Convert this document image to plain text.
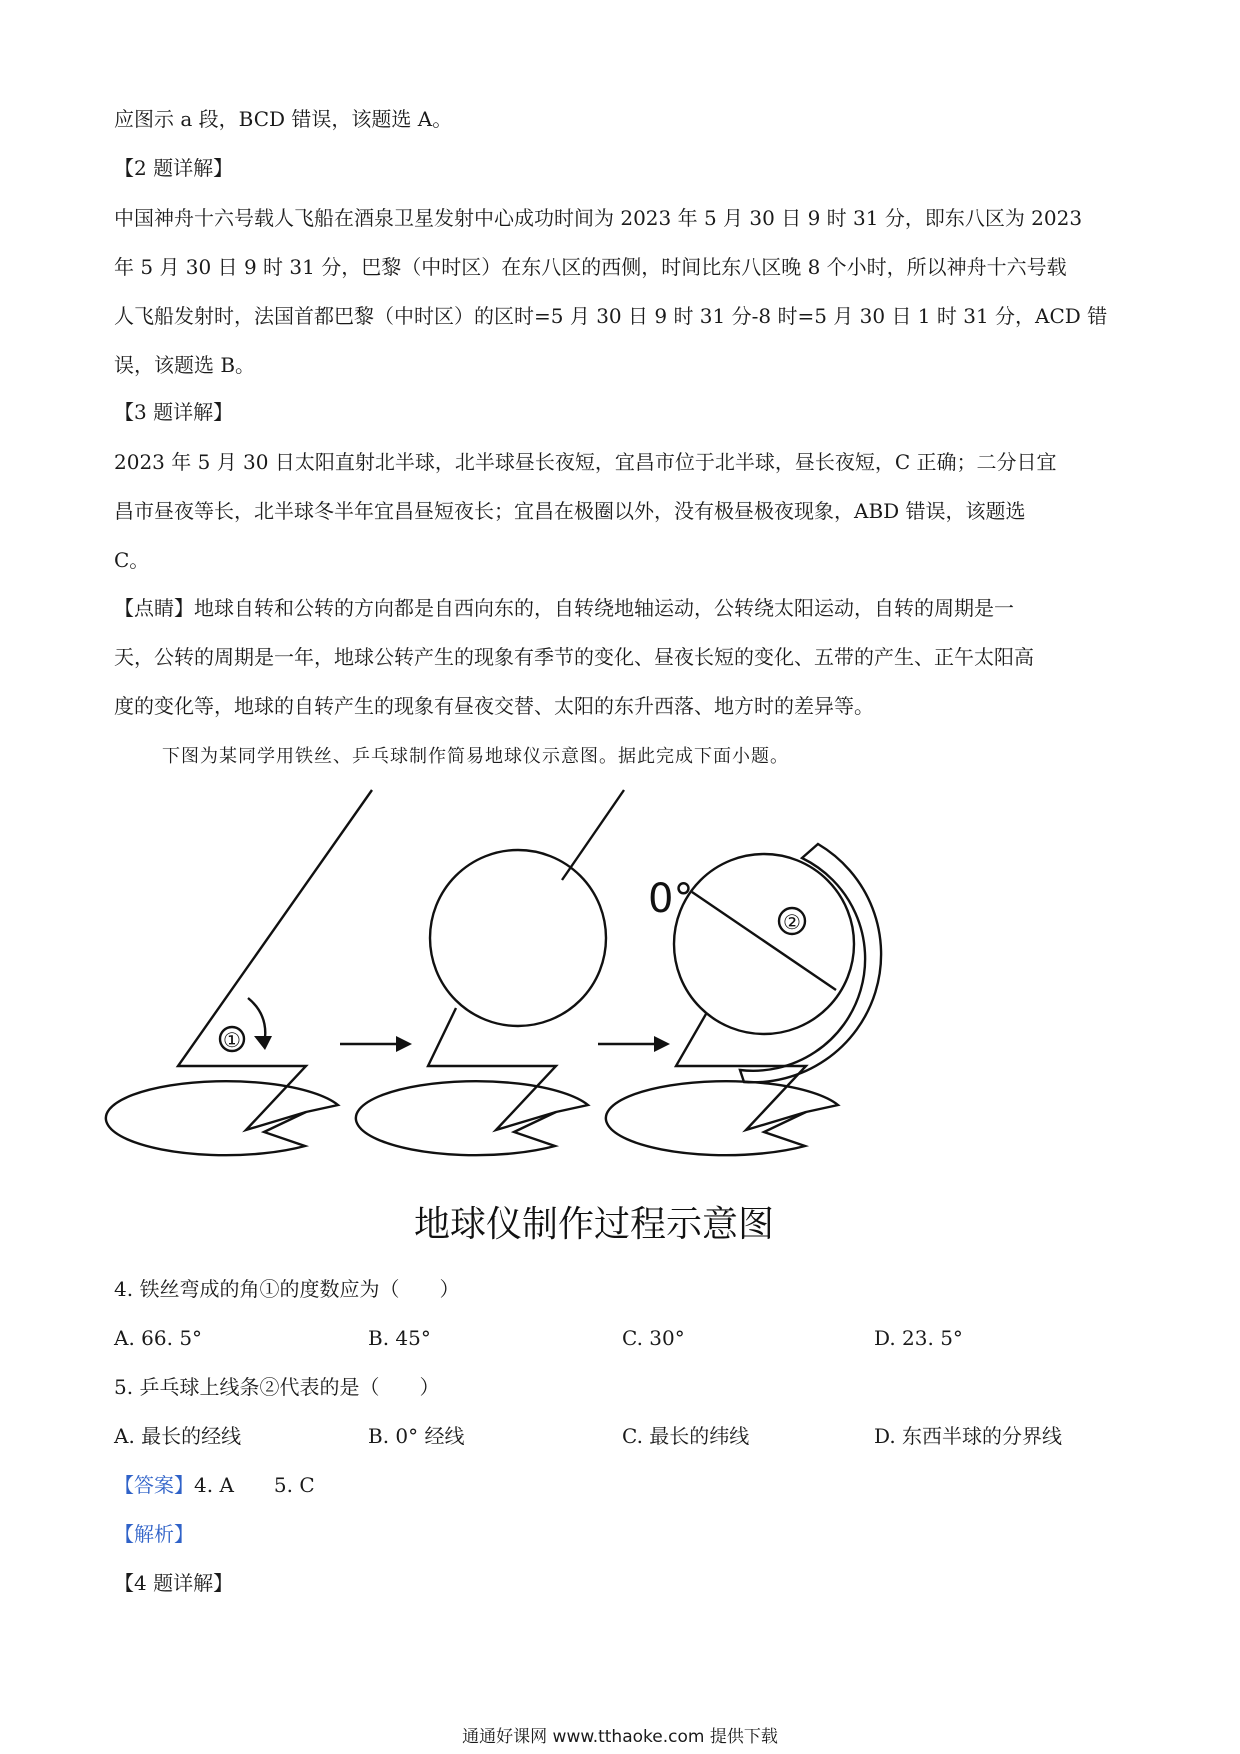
应图示 a 段，BCD 错误，该题选 A。

【2 题详解】

中国神舟十六号载人飞船在酒泉卫星发射中心成功时间为 2023 年 5 月 30 日 9 时 31 分，即东八区为 2023
年 5 月 30 日 9 时 31 分，巴黎（中时区）在东八区的西侧，时间比东八区晚 8 个小时，所以神舟十六号载
人飞船发射时，法国首都巴黎（中时区）的区时=5 月 30 日 9 时 31 分-8 时=5 月 30 日 1 时 31 分，ACD 错
误，该题选 B。

【3 题详解】

2023 年 5 月 30 日太阳直射北半球，北半球昼长夜短，宜昌市位于北半球，昼长夜短，C 正确；二分日宜
昌市昼夜等长，北半球冬半年宜昌昼短夜长；宜昌在极圈以外，没有极昼极夜现象，ABD 错误，该题选
C。

【点睛】地球自转和公转的方向都是自西向东的，自转绕地轴运动，公转绕太阳运动，自转的周期是一
天，公转的周期是一年，地球公转产生的现象有季节的变化、昼夜长短的变化、五带的产生、正午太阳高
度的变化等，地球的自转产生的现象有昼夜交替、太阳的东升西落、地方时的差异等。

下图为某同学用铁丝、乒乓球制作简易地球仪示意图。据此完成下面小题。
①
②
0°
地球仪制作过程示意图
4. 铁丝弯成的角①的度数应为（　　）
A. 66. 5°	B. 45°	C. 30°	D. 23. 5°
5. 乒乓球上线条②代表的是（　　）
A. 最长的经线	B. 0° 经线	C. 最长的纬线	D. 东西半球的分界线
【答案】4. A　　5. C
【解析】
【4 题详解】
通通好课网 www.tthaoke.com 提供下载
